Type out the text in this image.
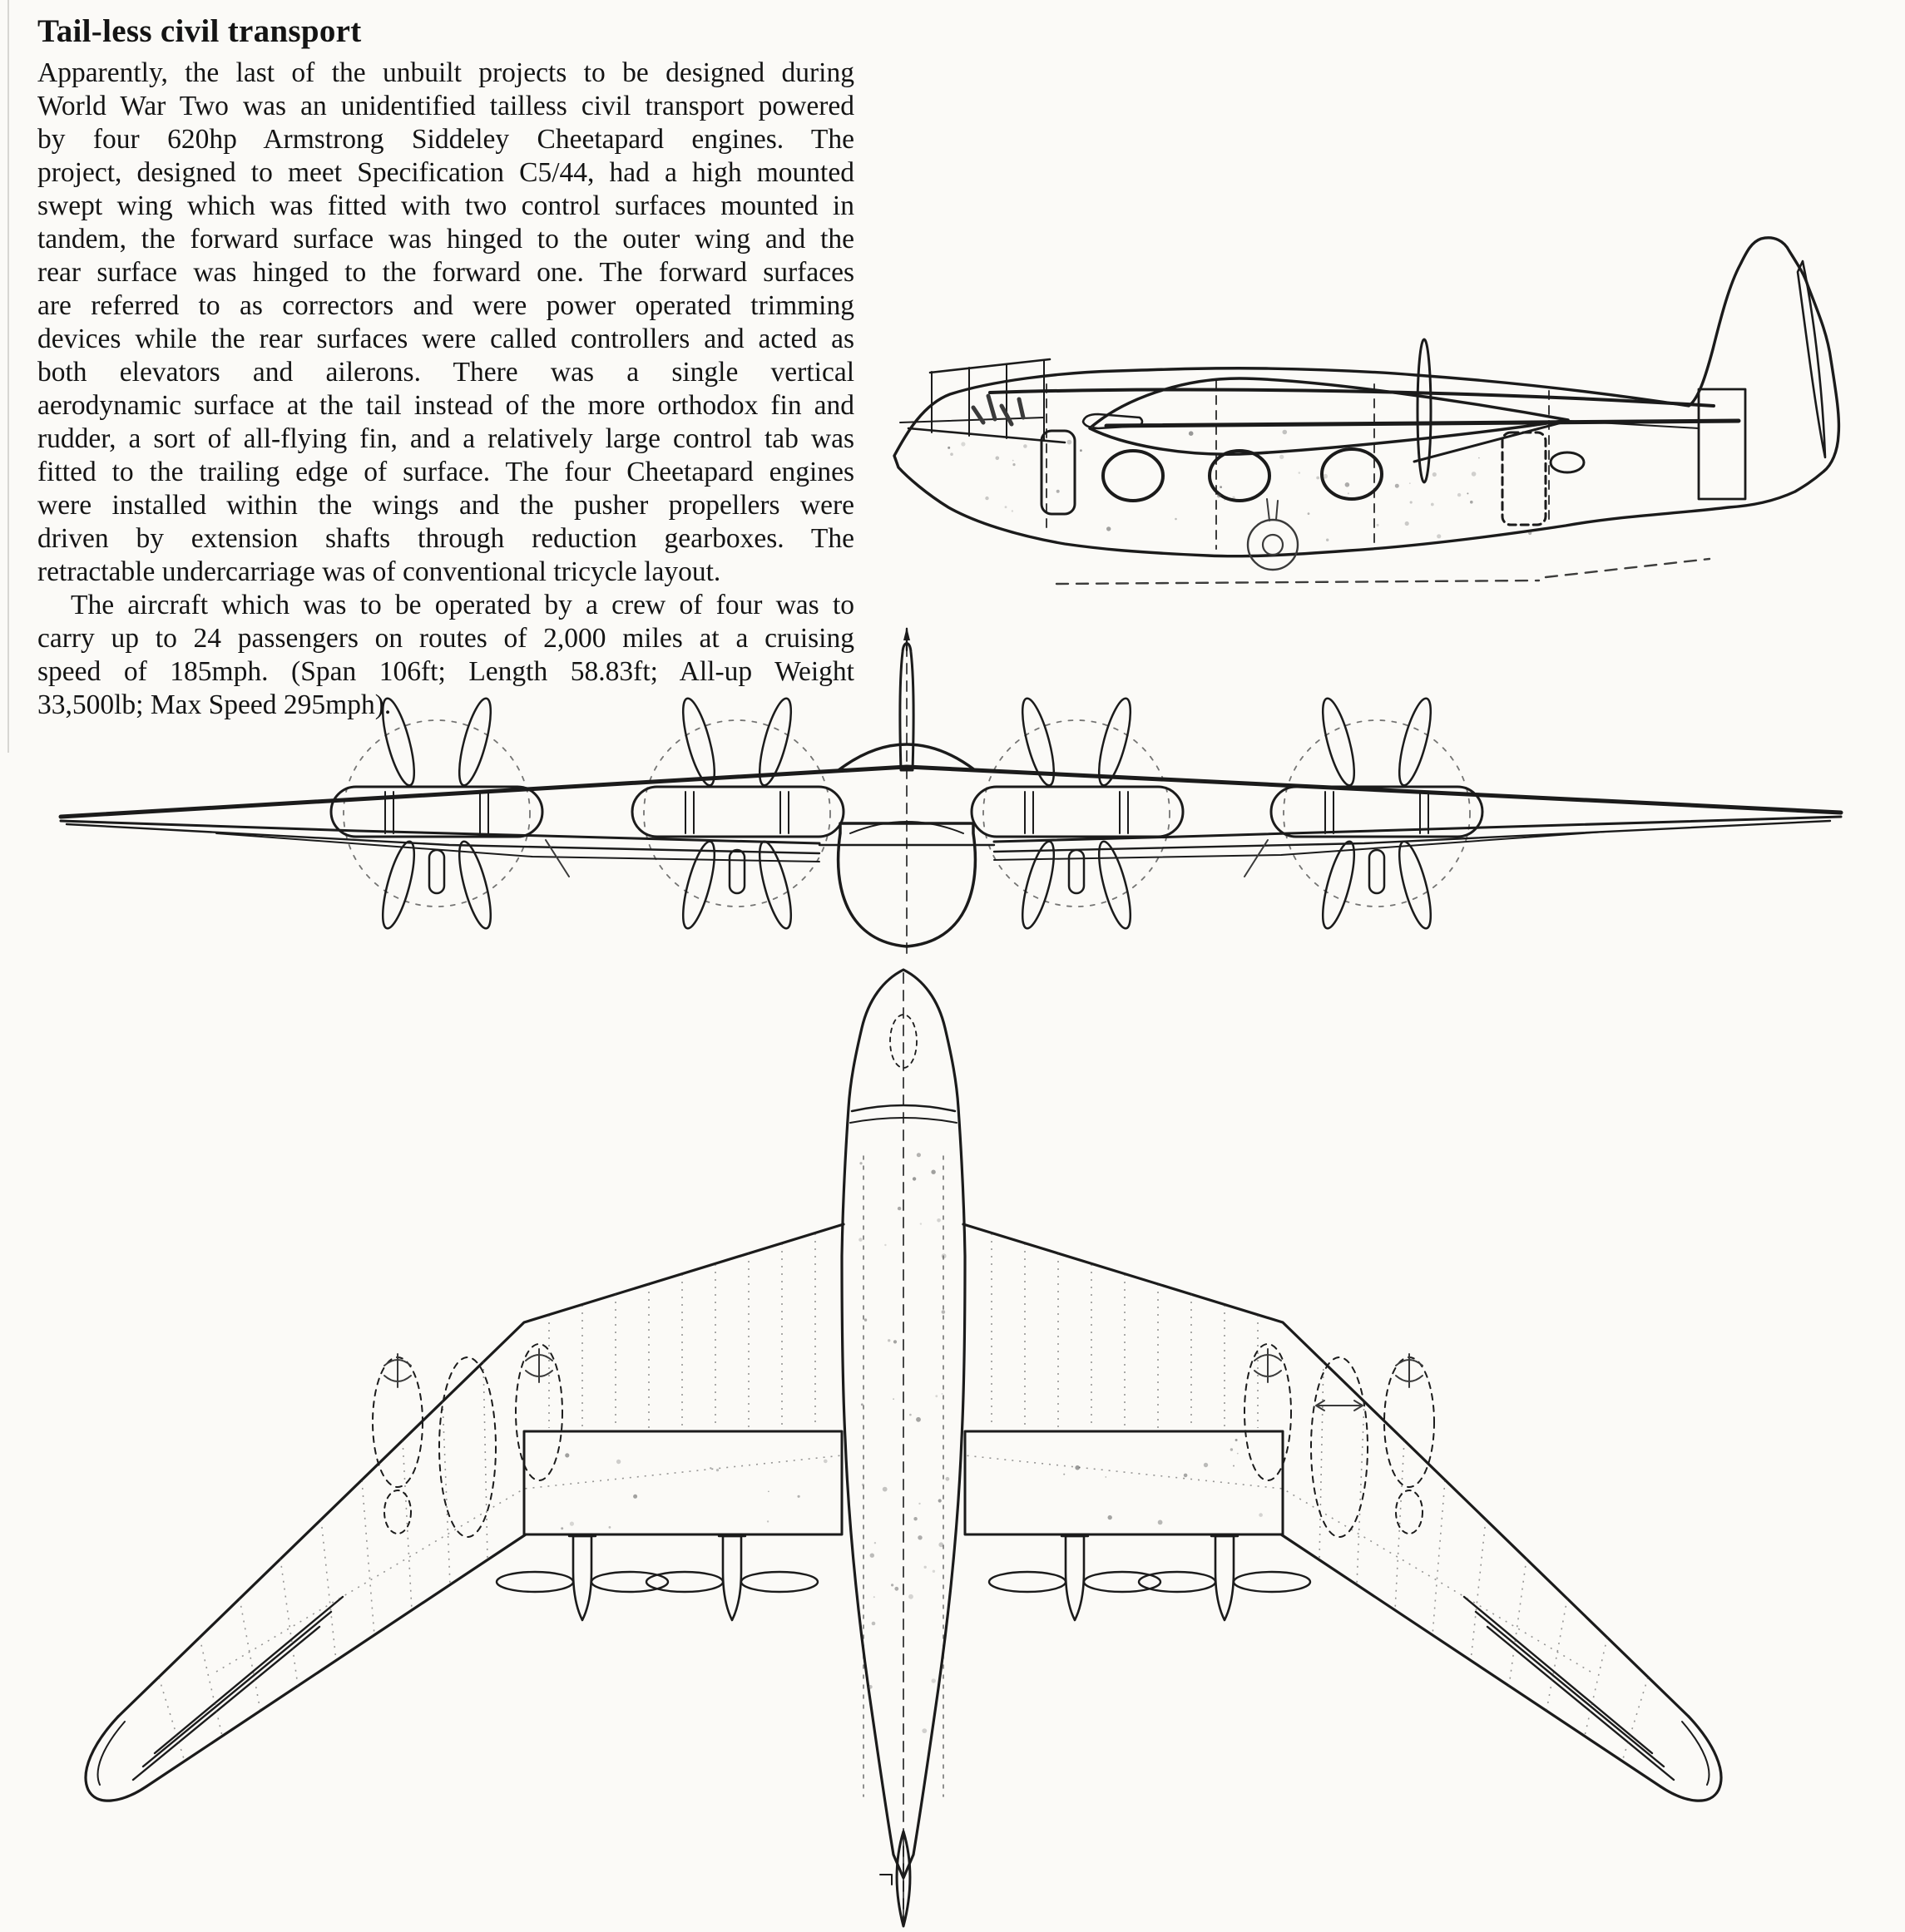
Tail-less civil transport
Apparently, the last of the unbuilt projects to be designed during
World War Two was an unidentified tailless civil transport powered
by four 620hp Armstrong Siddeley Cheetapard engines. The
project, designed to meet Specification C5/44, had a high mounted
swept wing which was fitted with two control surfaces mounted in
tandem, the forward surface was hinged to the outer wing and the
rear surface was hinged to the forward one. The forward surfaces
are referred to as correctors and were power operated trimming
devices while the rear surfaces were called controllers and acted as
both elevators and ailerons. There was a single vertical
aerodynamic surface at the tail instead of the more orthodox fin and
rudder, a sort of all-flying fin, and a relatively large control tab was
fitted to the trailing edge of surface. The four Cheetapard engines
were installed within the wings and the pusher propellers were
driven by extension shafts through reduction gearboxes. The
retractable undercarriage was of conventional tricycle layout.
The aircraft which was to be operated by a crew of four was to
carry up to 24 passengers on routes of 2,000 miles at a cruising
speed of 185mph. (Span 106ft; Length 58.83ft; All-up Weight
33,500lb; Max Speed 295mph).
